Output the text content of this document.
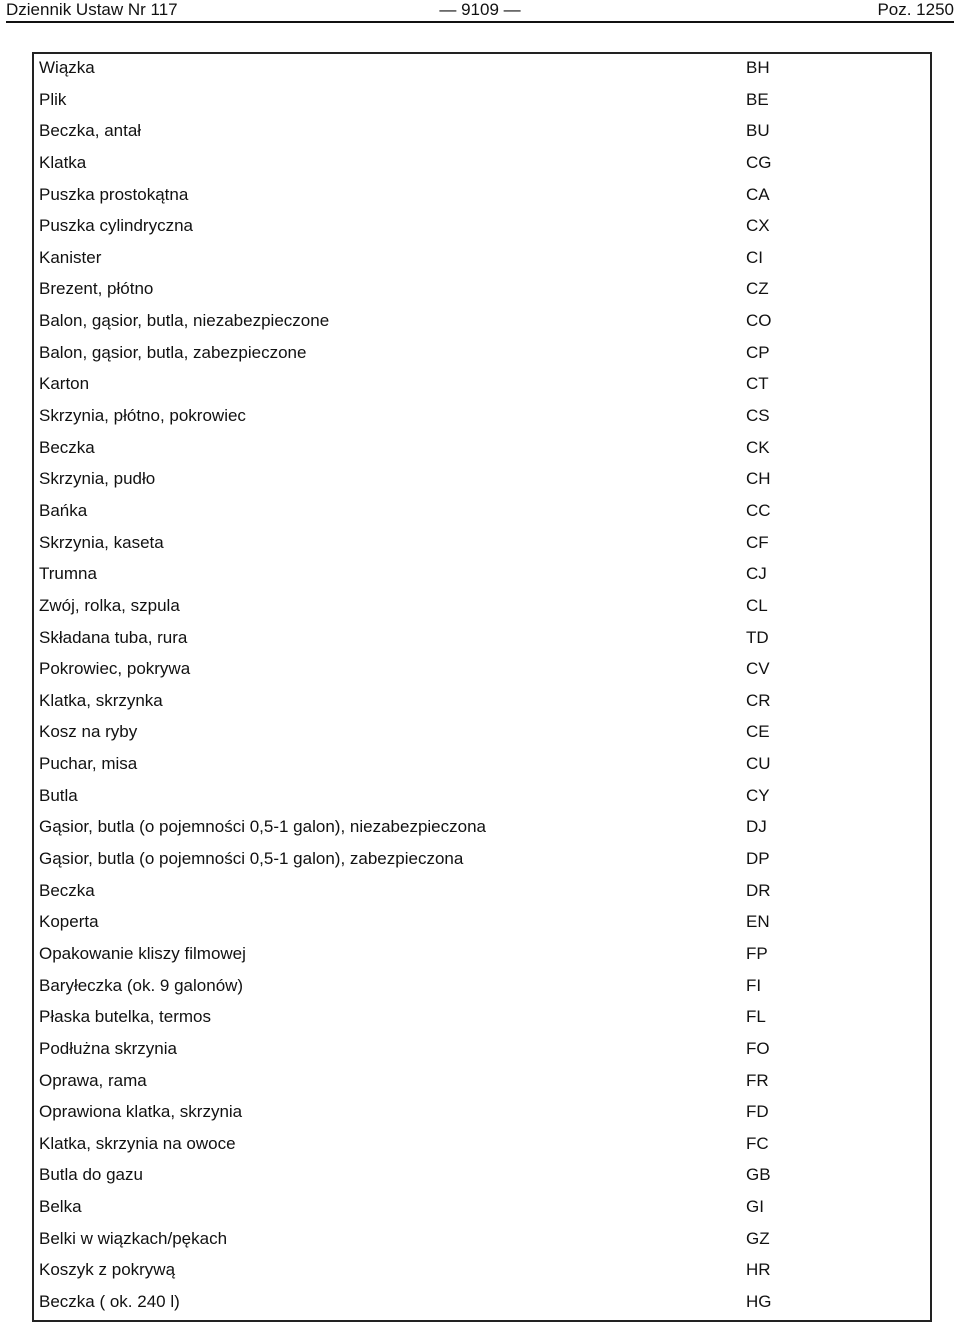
Dziennik Ustaw Nr 117	— 9109 —	Poz. 1250
Wiązka	BH
Plik	BE
Beczka, antał	BU
Klatka	CG
Puszka prostokątna	CA
Puszka cylindryczna	CX
Kanister	CI
Brezent, płótno	CZ
Balon, gąsior, butla, niezabezpieczone	CO
Balon, gąsior, butla, zabezpieczone	CP
Karton	CT
Skrzynia, płótno, pokrowiec	CS
Beczka	CK
Skrzynia, pudło	CH
Bańka	CC
Skrzynia, kaseta	CF
Trumna	CJ
Zwój, rolka, szpula	CL
Składana tuba, rura	TD
Pokrowiec, pokrywa	CV
Klatka, skrzynka	CR
Kosz na ryby	CE
Puchar, misa	CU
Butla	CY
Gąsior, butla (o pojemności 0,5-1 galon), niezabezpieczona	DJ
Gąsior, butla (o pojemności 0,5-1 galon), zabezpieczona	DP
Beczka	DR
Koperta	EN
Opakowanie kliszy filmowej	FP
Baryłeczka (ok. 9 galonów)	FI
Płaska butelka, termos	FL
Podłużna skrzynia	FO
Oprawa, rama	FR
Oprawiona klatka, skrzynia	FD
Klatka, skrzynia na owoce	FC
Butla do gazu	GB
Belka	GI
Belki w wiązkach/pękach	GZ
Koszyk z pokrywą	HR
Beczka ( ok. 240 l)	HG
